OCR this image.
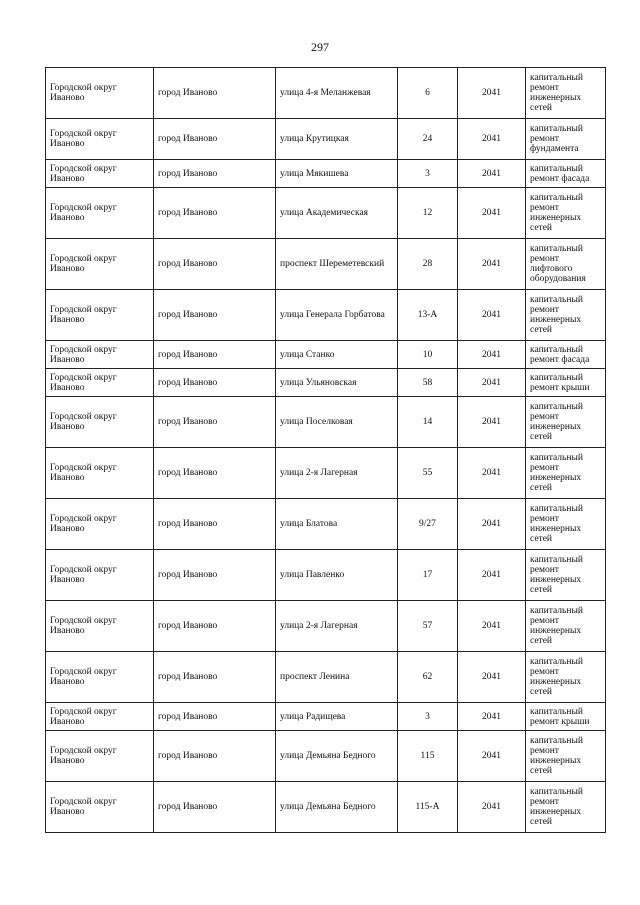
297
Городской округ Иваново	город Иваново	улица 4-я Меланжевая	6	2041	капитальный ремонт инженерных сетей
Городской округ Иваново	город Иваново	улица Крутицкая	24	2041	капитальный ремонт фундамента
Городской округ Иваново	город Иваново	улица Мякишева	3	2041	капитальный ремонт фасада
Городской округ Иваново	город Иваново	улица Академическая	12	2041	капитальный ремонт инженерных сетей
Городской округ Иваново	город Иваново	проспект Шереметевский	28	2041	капитальный ремонт лифтового оборудования
Городской округ Иваново	город Иваново	улица Генерала Горбатова	13-А	2041	капитальный ремонт инженерных сетей
Городской округ Иваново	город Иваново	улица Станко	10	2041	капитальный ремонт фасада
Городской округ Иваново	город Иваново	улица Ульяновская	58	2041	капитальный ремонт крыши
Городской округ Иваново	город Иваново	улица Поселковая	14	2041	капитальный ремонт инженерных сетей
Городской округ Иваново	город Иваново	улица 2-я Лагерная	55	2041	капитальный ремонт инженерных сетей
Городской округ Иваново	город Иваново	улица Блатова	9/27	2041	капитальный ремонт инженерных сетей
Городской округ Иваново	город Иваново	улица Павленко	17	2041	капитальный ремонт инженерных сетей
Городской округ Иваново	город Иваново	улица 2-я Лагерная	57	2041	капитальный ремонт инженерных сетей
Городской округ Иваново	город Иваново	проспект Ленина	62	2041	капитальный ремонт инженерных сетей
Городской округ Иваново	город Иваново	улица Радищева	3	2041	капитальный ремонт крыши
Городской округ Иваново	город Иваново	улица Демьяна Бедного	115	2041	капитальный ремонт инженерных сетей
Городской округ Иваново	город Иваново	улица Демьяна Бедного	115-А	2041	капитальный ремонт инженерных сетей
